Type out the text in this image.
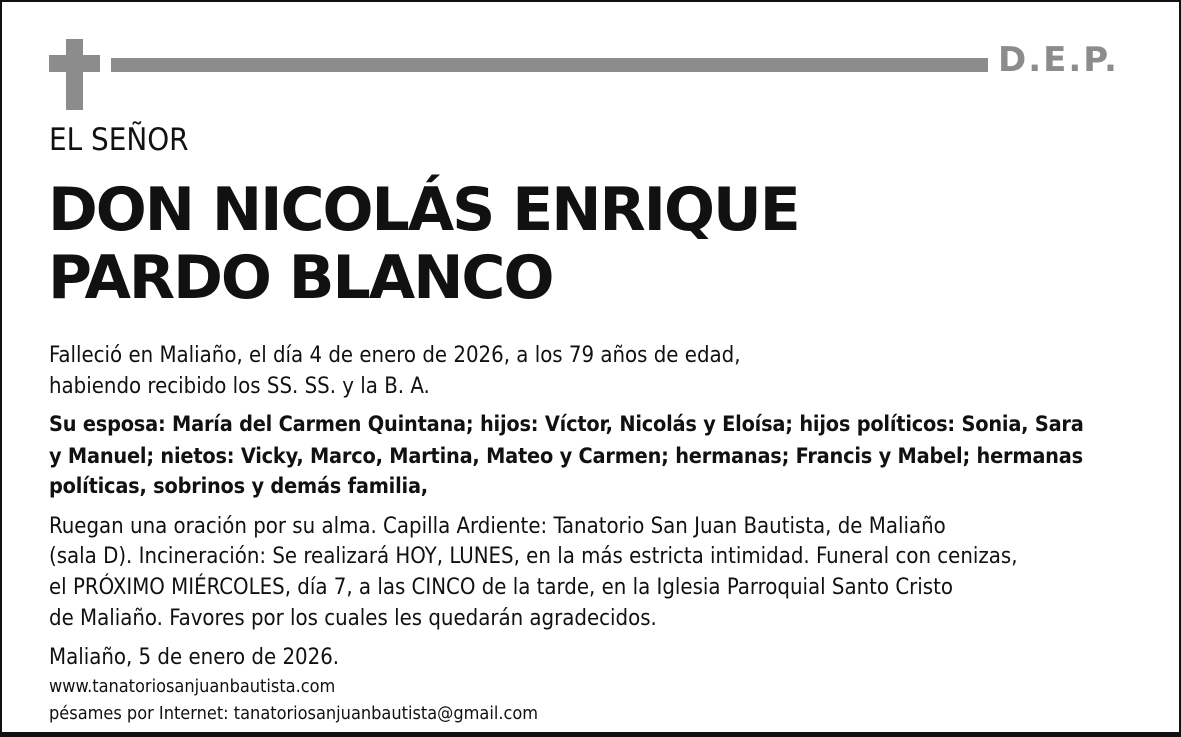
D.E.P.
EL SEÑOR
DON NICOLÁS ENRIQUE
PARDO BLANCO
Falleció en Maliaño, el día 4 de enero de 2026, a los 79 años de edad,
habiendo recibido los SS. SS. y la B. A.
Su esposa: María del Carmen Quintana; hijos: Víctor, Nicolás y Eloísa; hijos políticos: Sonia, Sara
y Manuel; nietos: Vicky, Marco, Martina, Mateo y Carmen; hermanas; Francis y Mabel; hermanas
políticas, sobrinos y demás familia,
Ruegan una oración por su alma. Capilla Ardiente: Tanatorio San Juan Bautista, de Maliaño
(sala D). Incineración: Se realizará HOY, LUNES, en la más estricta intimidad. Funeral con cenizas,
el PRÓXIMO MIÉRCOLES, día 7, a las CINCO de la tarde, en la Iglesia Parroquial Santo Cristo
de Maliaño. Favores por los cuales les quedarán agradecidos.
Maliaño, 5 de enero de 2026.
www.tanatoriosanjuanbautista.com
pésames por Internet: tanatoriosanjuanbautista@gmail.com
